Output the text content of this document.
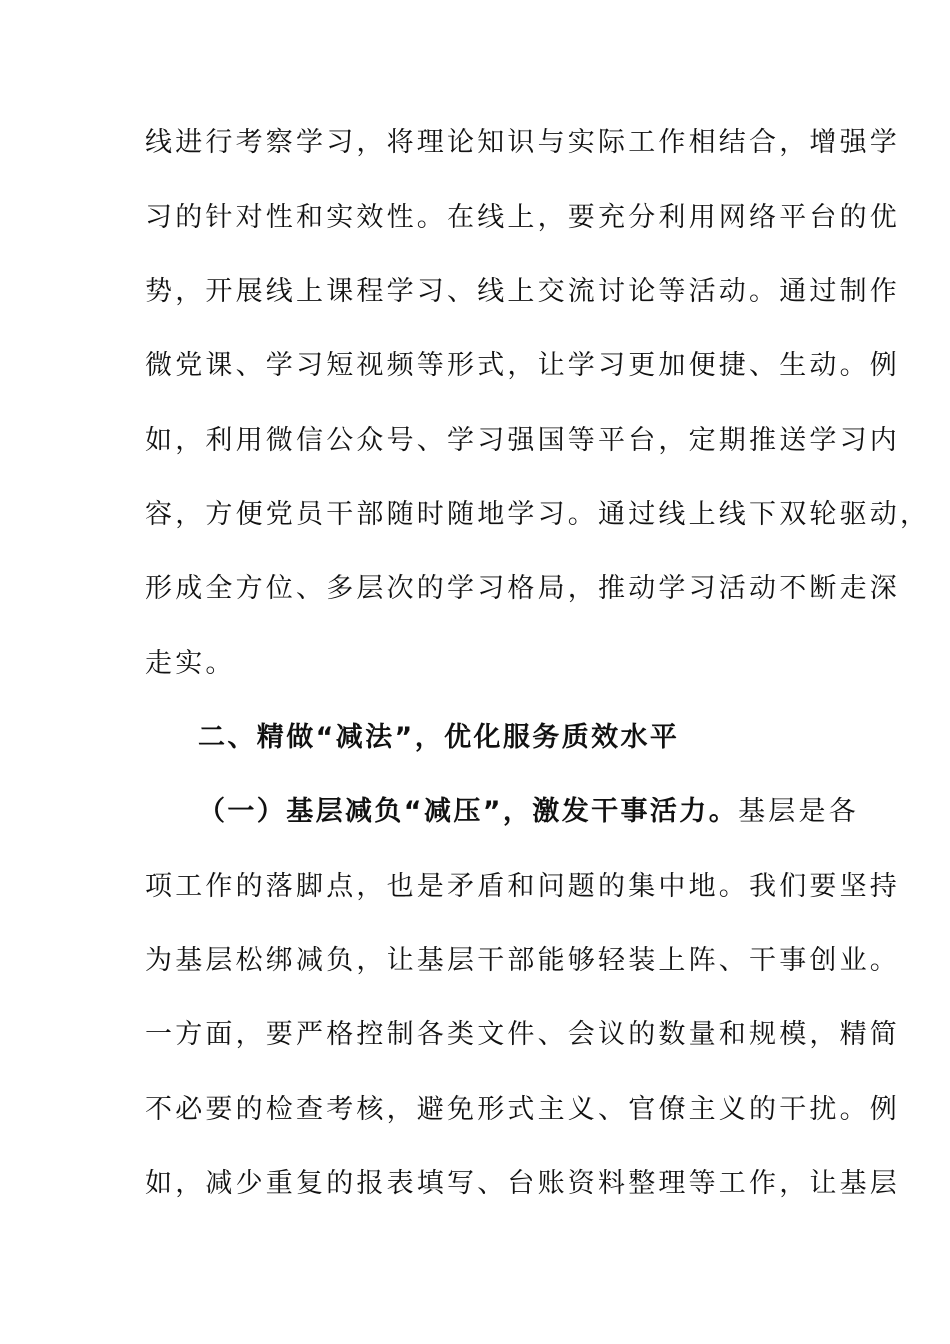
线进行考察学习，将理论知识与实际工作相结合，增强学
习的针对性和实效性。在线上，要充分利用网络平台的优
势，开展线上课程学习、线上交流讨论等活动。通过制作
微党课、学习短视频等形式，让学习更加便捷、生动。例
如，利用微信公众号、学习强国等平台，定期推送学习内
容，方便党员干部随时随地学习。通过线上线下双轮驱动，
形成全方位、多层次的学习格局，推动学习活动不断走深
走实。
二、精做“减法”，优化服务质效水平
（一）基层减负“减压”，激发干事活力。基层是各
项工作的落脚点，也是矛盾和问题的集中地。我们要坚持
为基层松绑减负，让基层干部能够轻装上阵、干事创业。
一方面，要严格控制各类文件、会议的数量和规模，精简
不必要的检查考核，避免形式主义、官僚主义的干扰。例
如，减少重复的报表填写、台账资料整理等工作，让基层
